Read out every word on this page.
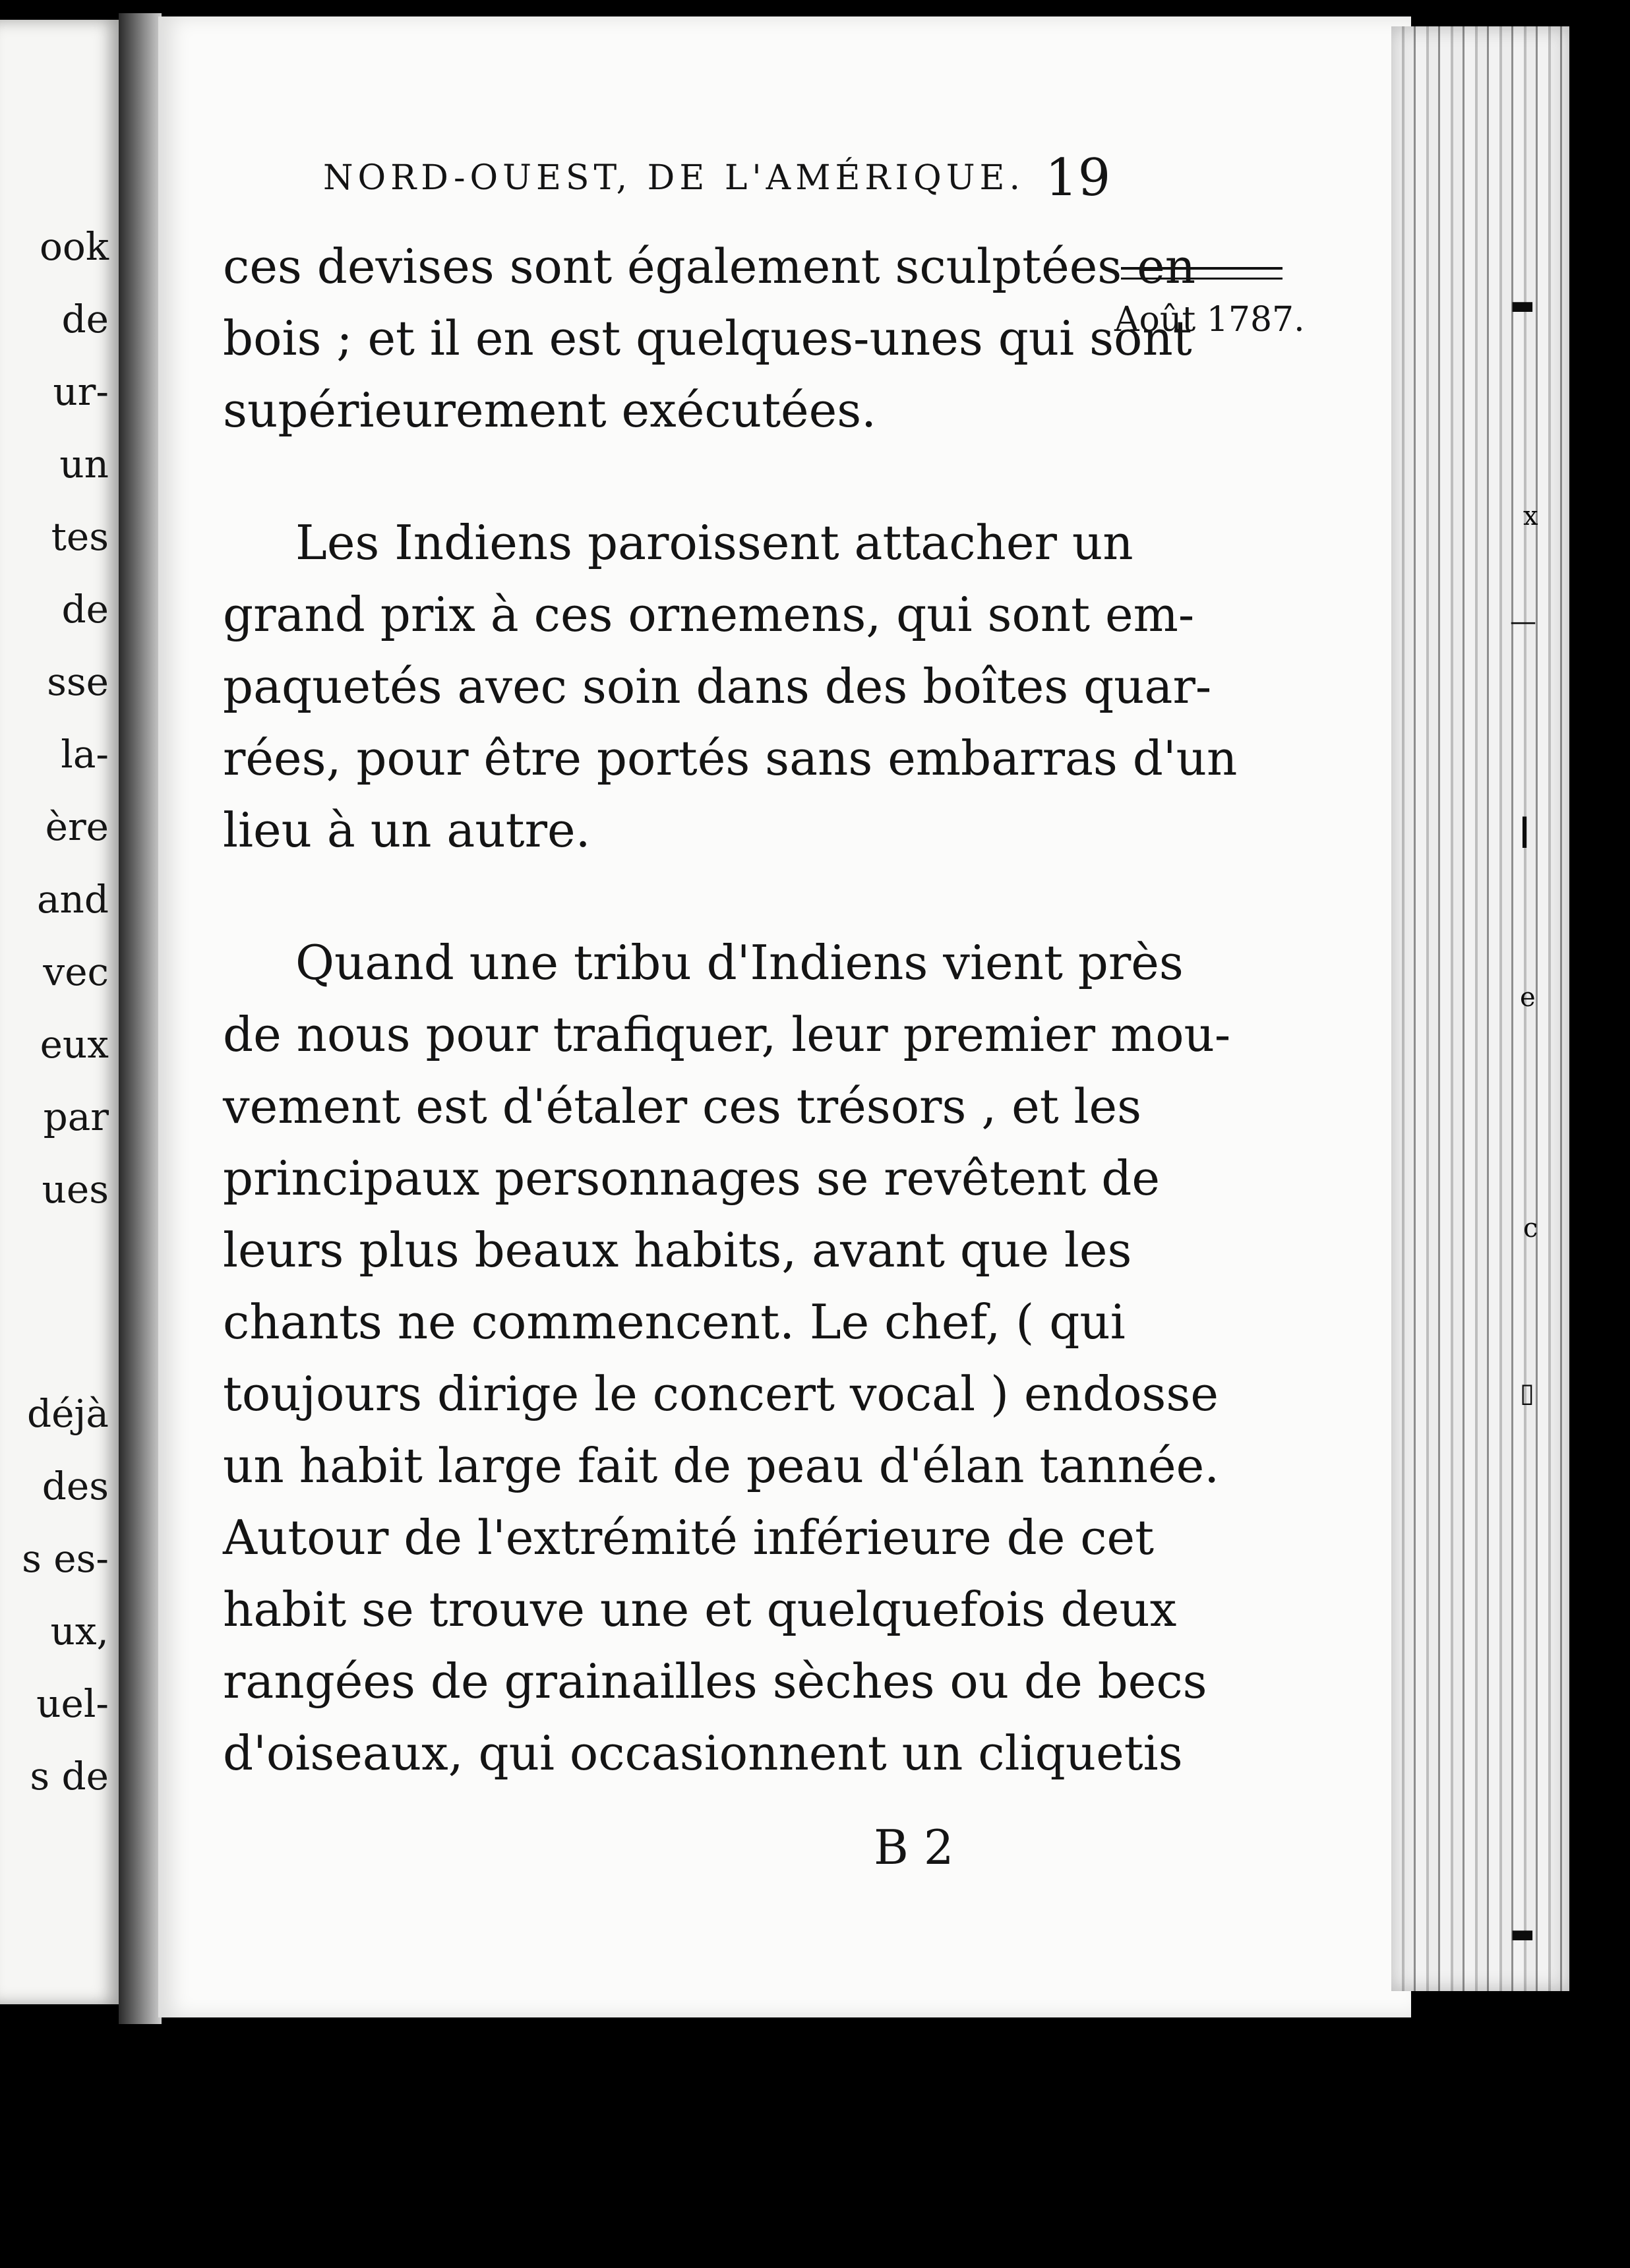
ook
de
ur-
un
tes
de
sse
la-
ère
and
vec
eux
par
ues
déjà
des
s es-
ux,
uel-
s de
▬
x
—
┃
e
c
▯
▬
NORD-OUEST, DE L'AMÉRIQUE. 19
Août 1787.
ces devises sont également sculptées en
bois ; et il en est quelques-unes qui sont
supérieurement exécutées.
Les Indiens paroissent attacher un
grand prix à ces ornemens, qui sont em-
paquetés avec soin dans des boîtes quar-
rées, pour être portés sans embarras d'un
lieu à un autre.
Quand une tribu d'Indiens vient près
de nous pour trafiquer, leur premier mou-
vement est d'étaler ces trésors , et les
principaux personnages se revêtent de
leurs plus beaux habits, avant que les
chants ne commencent. Le chef, ( qui
toujours dirige le concert vocal ) endosse
un habit large fait de peau d'élan tannée.
Autour de l'extrémité inférieure de cet
habit se trouve une et quelquefois deux
rangées de grainailles sèches ou de becs
d'oiseaux, qui occasionnent un cliquetis
B 2
